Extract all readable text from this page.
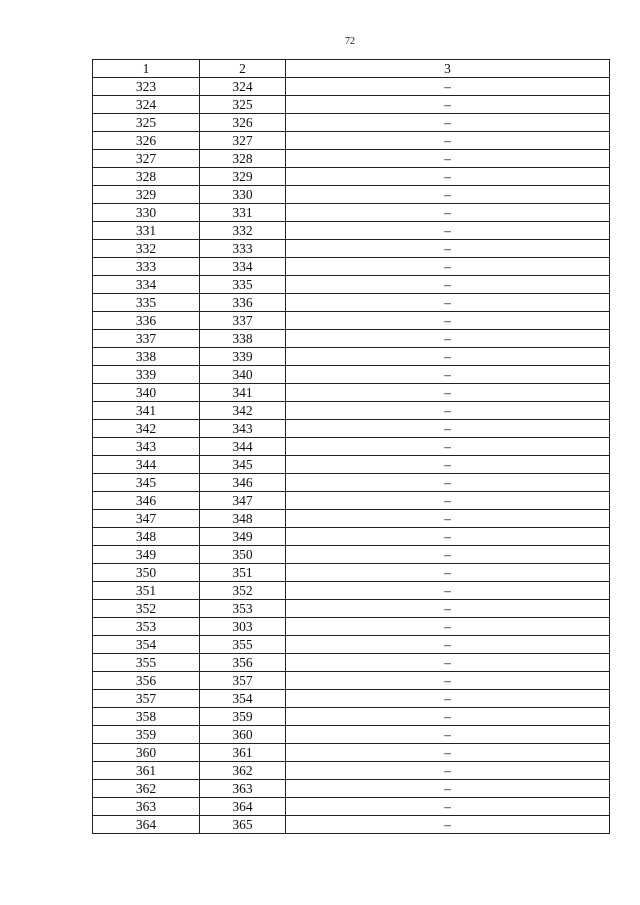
72
1	2	3
323	324	–
324	325	–
325	326	–
326	327	–
327	328	–
328	329	–
329	330	–
330	331	–
331	332	–
332	333	–
333	334	–
334	335	–
335	336	–
336	337	–
337	338	–
338	339	–
339	340	–
340	341	–
341	342	–
342	343	–
343	344	–
344	345	–
345	346	–
346	347	–
347	348	–
348	349	–
349	350	–
350	351	–
351	352	–
352	353	–
353	303	–
354	355	–
355	356	–
356	357	–
357	354	–
358	359	–
359	360	–
360	361	–
361	362	–
362	363	–
363	364	–
364	365	–
